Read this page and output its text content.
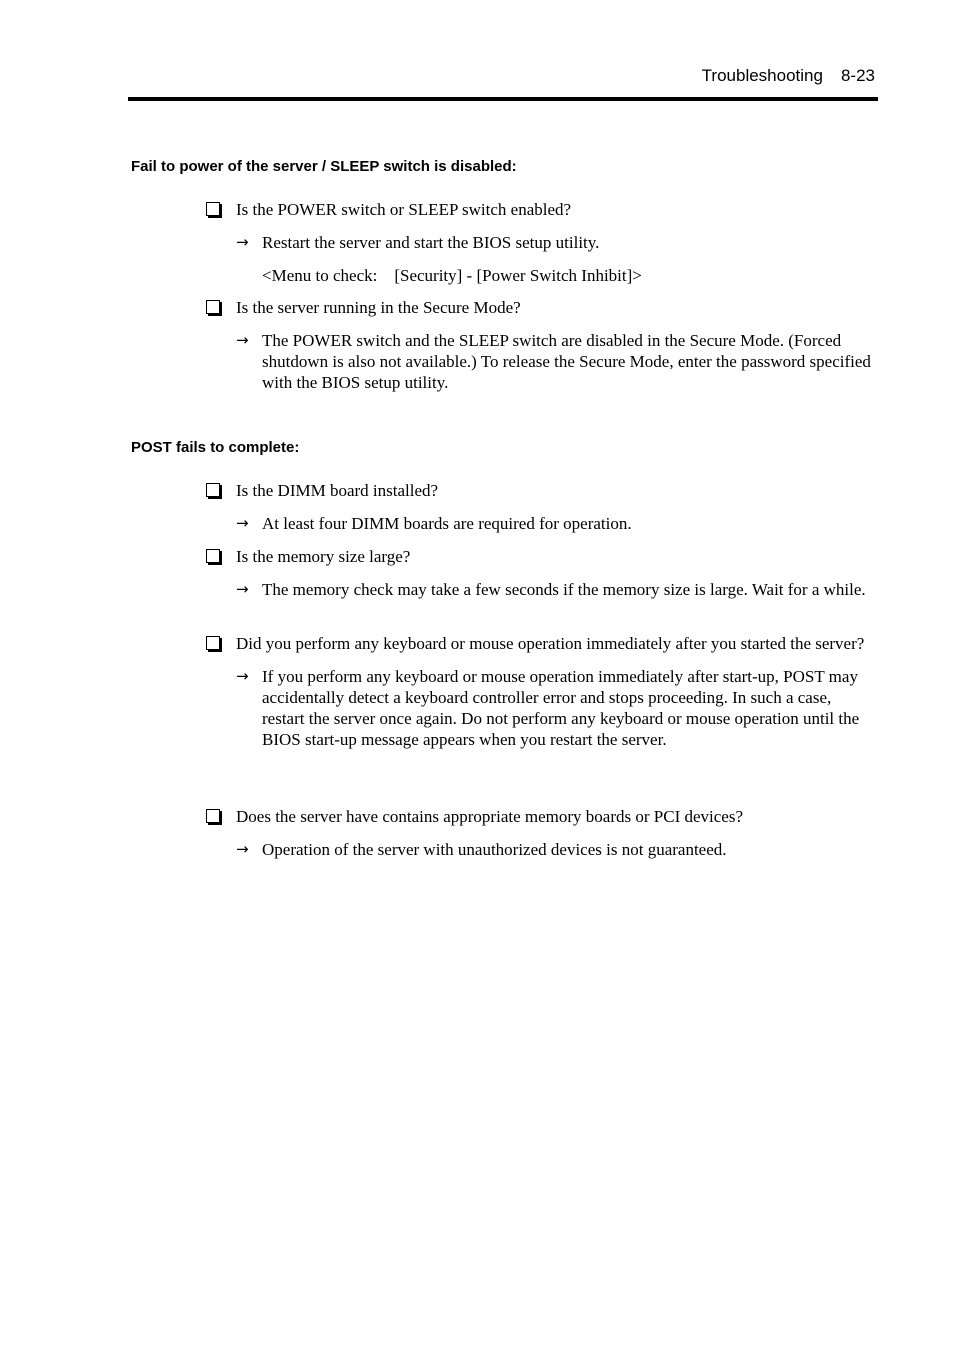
Troubleshooting 8-23
Fail to power of the server / SLEEP switch is disabled:
Is the POWER switch or SLEEP switch enabled?
→ Restart the server and start the BIOS setup utility.
<Menu to check:    [Security] - [Power Switch Inhibit]>
Is the server running in the Secure Mode?
→ The POWER switch and the SLEEP switch are disabled in the Secure Mode. (Forced shutdown is also not available.) To release the Secure Mode, enter the password specified with the BIOS setup utility.
POST fails to complete:
Is the DIMM board installed?
→ At least four DIMM boards are required for operation.
Is the memory size large?
→ The memory check may take a few seconds if the memory size is large. Wait for a while.
Did you perform any keyboard or mouse operation immediately after you started the server?
→ If you perform any keyboard or mouse operation immediately after start-up, POST may accidentally detect a keyboard controller error and stops proceeding. In such a case, restart the server once again. Do not perform any keyboard or mouse operation until the BIOS start-up message appears when you restart the server.
Does the server have contains appropriate memory boards or PCI devices?
→ Operation of the server with unauthorized devices is not guaranteed.
